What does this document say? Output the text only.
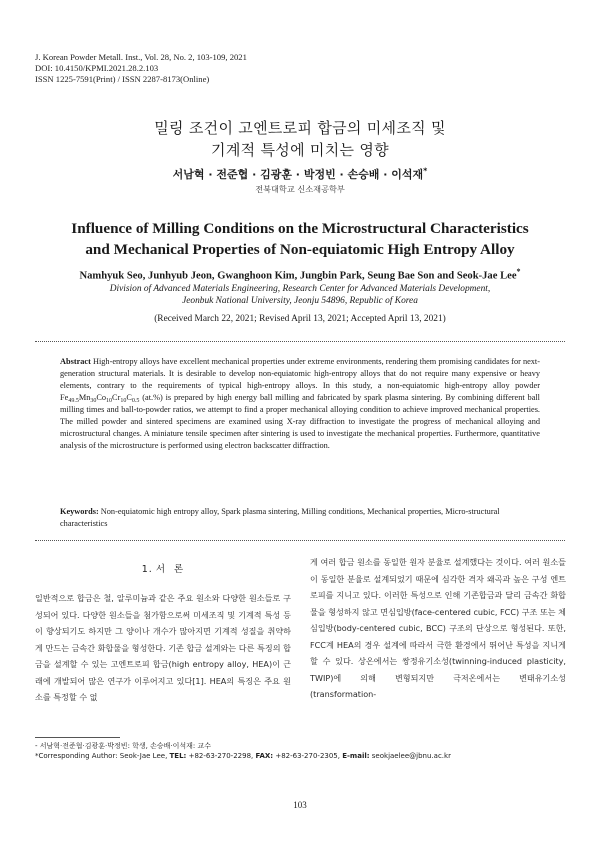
J. Korean Powder Metall. Inst., Vol. 28, No. 2, 103-109, 2021
DOI: 10.4150/KPMI.2021.28.2.103
ISSN 1225-7591(Print) / ISSN 2287-8173(Online)
밀링 조건이 고엔트로피 합금의 미세조직 및
기계적 특성에 미치는 영향
서남혁 · 전준협 · 김광훈 · 박정빈 · 손승배 · 이석재*
전북대학교 신소재공학부
Influence of Milling Conditions on the Microstructural Characteristics
and Mechanical Properties of Non-equiatomic High Entropy Alloy
Namhyuk Seo, Junhyub Jeon, Gwanghoon Kim, Jungbin Park, Seung Bae Son and Seok-Jae Lee*
Division of Advanced Materials Engineering, Research Center for Advanced Materials Development,
Jeonbuk National University, Jeonju 54896, Republic of Korea
(Received March 22, 2021; Revised April 13, 2021; Accepted April 13, 2021)
Abstract High-entropy alloys have excellent mechanical properties under extreme environments, rendering them promising candidates for next-generation structural materials. It is desirable to develop non-equiatomic high-entropy alloys that do not require many expensive or heavy elements, contrary to the requirements of typical high-entropy alloys. In this study, a non-equiatomic high-entropy alloy powder $Fe_{49.5}Mn_{30}Co_{10}Cr_{10}C_{0.5}$ (at.%) is prepared by high energy ball milling and fabricated by spark plasma sintering. By combining different ball milling times and ball-to-powder ratios, we attempt to find a proper mechanical alloying condition to achieve improved mechanical properties. The milled powder and sintered specimens are examined using X-ray diffraction to investigate the progress of mechanical alloying and microstructural changes. A miniature tensile specimen after sintering is used to investigate the mechanical properties. Furthermore, quantitative analysis of the microstructure is performed using electron backscatter diffraction.
Keywords: Non-equiatomic high entropy alloy, Spark plasma sintering, Milling conditions, Mechanical properties, Micro-structural characteristics
1. 서  론
일반적으로 합금은 철, 알루미늄과 같은 주요 원소와 다양한 원소들로 구성되어 있다. 다양한 원소들을 첨가함으로써 미세조직 및 기계적 특성 등이 향상되기도 하지만 그 양이나 개수가 많아지면 기계적 성질을 취약하게 만드는 금속간 화합물을 형성한다. 기존 합금 설계와는 다른 특징의 합금을 설계할 수 있는 고엔트로피 합금(high entropy alloy, HEA)이 근래에 개발되어 많은 연구가 이루어지고 있다[1]. HEA의 특징은 주요 원소를 특정할 수 없
게 여러 합금 원소를 동일한 원자 분율로 설계했다는 것이다. 여러 원소들이 동일한 분율로 설계되었기 때문에 심각한 격자 왜곡과 높은 구성 엔트로피를 지니고 있다. 이러한 특성으로 인해 기존합금과 달리 금속간 화합물을 형성하지 않고 면심입방(face-centered cubic, FCC) 구조 또는 체심입방(body-centered cubic, BCC) 구조의 단상으로 형성된다. 또한, FCC계 HEA의 경우 설계에 따라서 극한 환경에서 뛰어난 특성을 지니게 할 수 있다. 상온에서는 쌍정유기소성(twinning-induced plasticity, TWIP)에 의해 변형되지만 극저온에서는 변태유기소성(transformation-
- 서남혁·전준협·김광훈·박정빈: 학생, 손승배·이석재: 교수
*Corresponding Author: Seok-Jae Lee, TEL: +82-63-270-2298, FAX: +82-63-270-2305, E-mail: seokjaelee@jbnu.ac.kr
103
